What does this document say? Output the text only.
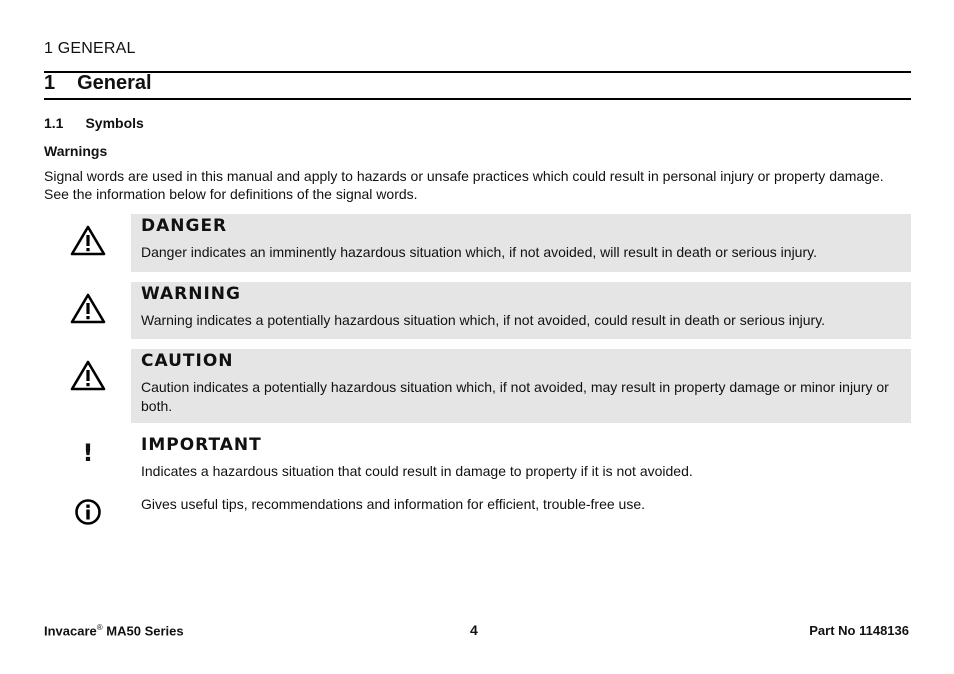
1 GENERAL
1 General
1.1 Symbols
Warnings

Signal words are used in this manual and apply to hazards or unsafe practices which could result in personal injury or property damage.

See the information below for definitions of the signal words.

DANGER
Danger indicates an imminently hazardous situation which, if not avoided, will result in death or serious injury.
WARNING
Warning indicates a potentially hazardous situation which, if not avoided, could result in death or serious injury.
CAUTION
Caution indicates a potentially hazardous situation which, if not avoided, may result in property damage or minor injury or both.
!	IMPORTANT
Indicates a hazardous situation that could result in damage to property if it is not avoided.
Gives useful tips, recommendations and information for efficient, trouble-free use.
Invacare® MA50 Series	4	Part No 1148136
